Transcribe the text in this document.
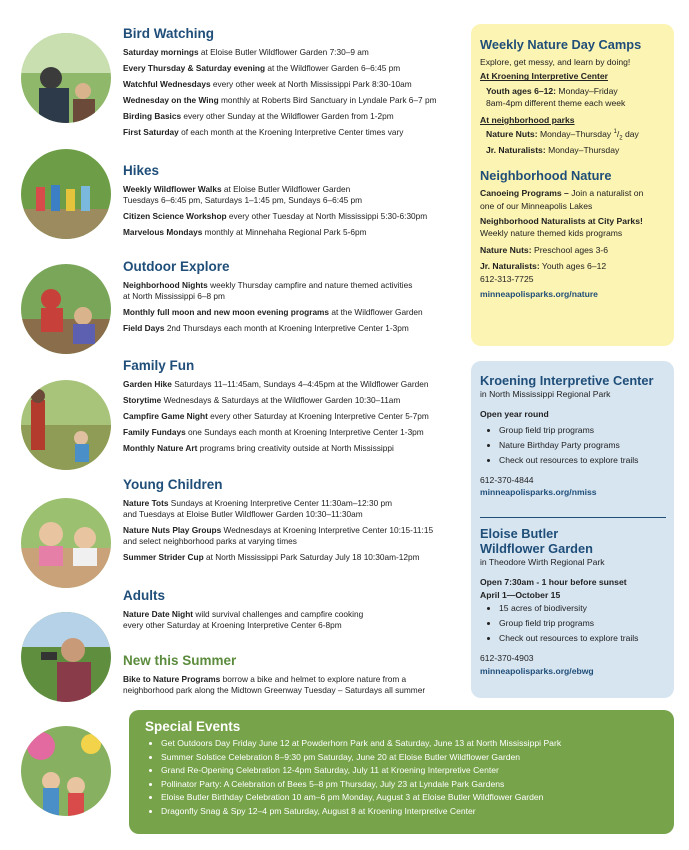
Bird Watching

Saturday mornings at Eloise Butler Wildflower Garden 7:30–9 am

Every Thursday & Saturday evening at the Wildflower Garden 6–6:45 pm

Watchful Wednesdays every other week at North Mississippi Park 8:30-10am

Wednesday on the Wing monthly at Roberts Bird Sanctuary in Lyndale Park 6–7 pm

Birding Basics every other Sunday at the Wildflower Garden from 1-2pm

First Saturday of each month at the Kroening Interpretive Center times vary

Hikes

Weekly Wildflower Walks at Eloise Butler Wildflower Garden
Tuesdays 6–6:45 pm, Saturdays 1–1:45 pm, Sundays 6–6:45 pm

Citizen Science Workshop every other Tuesday at North Mississippi 5:30-6:30pm

Marvelous Mondays monthly at Minnehaha Regional Park 5-6pm

Outdoor Explore

Neighborhood Nights weekly Thursday campfire and nature themed activities
at North Mississippi 6–8 pm

Monthly full moon and new moon evening programs at the Wildflower Garden

Field Days 2nd Thursdays each month at Kroening Interpretive Center 1-3pm

Family Fun

Garden Hike Saturdays 11–11:45am, Sundays 4–4:45pm at the Wildflower Garden

Storytime Wednesdays & Saturdays at the Wildflower Garden 10:30–11am

Campfire Game Night every other Saturday at Kroening Interpretive Center 5-7pm

Family Fundays one Sundays each month at Kroening Interpretive Center 1-3pm

Monthly Nature Art programs bring creativity outside at North Mississippi

Young Children

Nature Tots Sundays at Kroening Interpretive Center 11:30am–12:30 pm
and Tuesdays at Eloise Butler Wildflower Garden 10:30–11:30am

Nature Nuts Play Groups Wednesdays at Kroening Interpretive Center 10:15-11:15
and select neighborhood parks at varying times

Summer Strider Cup at North Mississippi Park Saturday July 18 10:30am-12pm

Adults

Nature Date Night wild survival challenges and campfire cooking
every other Saturday at Kroening Interpretive Center 6-8pm

New this Summer

Bike to Nature Programs borrow a bike and helmet to explore nature from a
neighborhood park along the Midtown Greenway Tuesday – Saturdays all summer

Weekly Nature Day Camps

Explore, get messy, and learn by doing!

At Kroening Interpretive Center

Youth ages 6–12: Monday–Friday
8am-4pm different theme each week

At neighborhood parks

Nature Nuts: Monday–Thursday $^1/_2$ day

Jr. Naturalists: Monday–Thursday

Neighborhood Nature

Canoeing Programs – Join a naturalist on
one of our Minneapolis Lakes

Neighborhood Naturalists at City Parks!
Weekly nature themed kids programs

Nature Nuts: Preschool ages 3-6

Jr. Naturalists: Youth ages 6–12

612-313-7725

minneapolisparks.org/nature

Kroening Interpretive Center

in North Mississippi Regional Park

Open year round

• Group field trip programs
• Nature Birthday Party programs
• Check out resources to explore trails

612-370-4844

minneapolisparks.org/nmiss

Eloise Butler
Wildflower Garden

in Theodore Wirth Regional Park

Open 7:30am - 1 hour before sunset
April 1—October 15

• 15 acres of biodiversity
• Group field trip programs
• Check out resources to explore trails

612-370-4903

minneapolisparks.org/ebwg

Special Events
• Get Outdoors Day Friday June 12 at Powderhorn Park and & Saturday, June 13 at North Mississippi Park
• Summer Solstice Celebration 8–9:30 pm Saturday, June 20 at Eloise Butler Wildflower Garden
• Grand Re-Opening Celebration 12-4pm Saturday, July 11 at Kroening Interpretive Center
• Pollinator Party: A Celebration of Bees 5–8 pm Thursday, July 23 at Lyndale Park Gardens
• Eloise Butler Birthday Celebration 10 am–6 pm Monday, August 3 at Eloise Butler Wildflower Garden
• Dragonfly Snag & Spy 12–4 pm Saturday, August 8 at Kroening Interpretive Center
